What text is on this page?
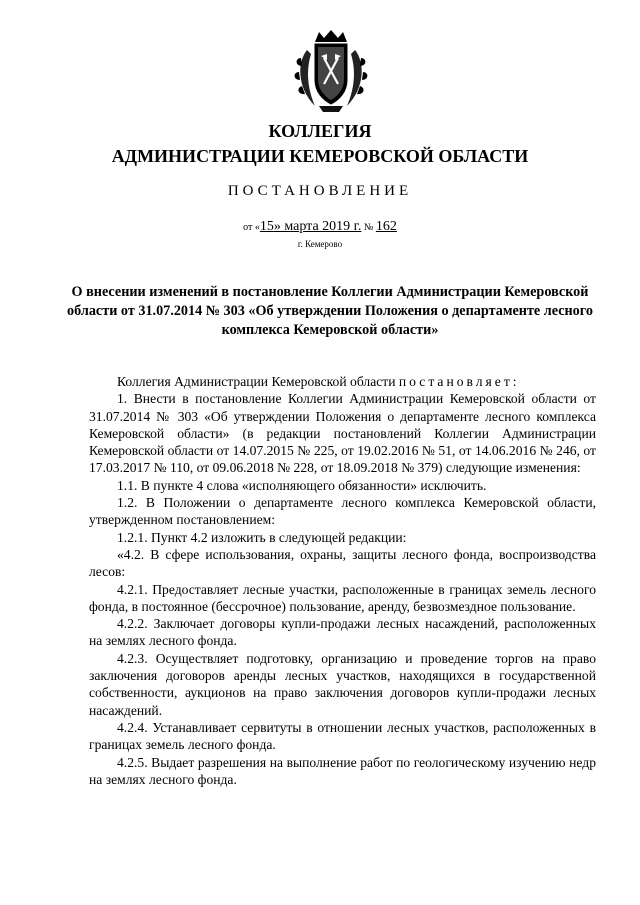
КОЛЛЕГИЯ
АДМИНИСТРАЦИИ КЕМЕРОВСКОЙ ОБЛАСТИ
ПОСТАНОВЛЕНИЕ
от «15» марта 2019 г. № 162
г. Кемерово
О внесении изменений в постановление Коллегии Администрации Кемеровской области от 31.07.2014 № 303 «Об утверждении Положения о департаменте лесного комплекса Кемеровской области»

Коллегия Администрации Кемеровской области постановляет:

1. Внести в постановление Коллегии Администрации Кемеровской области от 31.07.2014 № 303 «Об утверждении Положения о департаменте лесного комплекса Кемеровской области» (в редакции постановлений Коллегии Администрации Кемеровской области от 14.07.2015 № 225, от 19.02.2016 № 51, от 14.06.2016 № 246, от 17.03.2017 № 110, от 09.06.2018 № 228, от 18.09.2018 № 379) следующие изменения:

1.1. В пункте 4 слова «исполняющего обязанности» исключить.

1.2. В Положении о департаменте лесного комплекса Кемеровской области, утвержденном постановлением:

1.2.1. Пункт 4.2 изложить в следующей редакции:

«4.2. В сфере использования, охраны, защиты лесного фонда, воспроизводства лесов:

4.2.1. Предоставляет лесные участки, расположенные в границах земель лесного фонда, в постоянное (бессрочное) пользование, аренду, безвозмездное пользование.

4.2.2. Заключает договоры купли-продажи лесных насаждений, расположенных на землях лесного фонда.

4.2.3. Осуществляет подготовку, организацию и проведение торгов на право заключения договоров аренды лесных участков, находящихся в государственной собственности, аукционов на право заключения договоров купли-продажи лесных насаждений.

4.2.4. Устанавливает сервитуты в отношении лесных участков, расположенных в границах земель лесного фонда.

4.2.5. Выдает разрешения на выполнение работ по геологическому изучению недр на землях лесного фонда.
